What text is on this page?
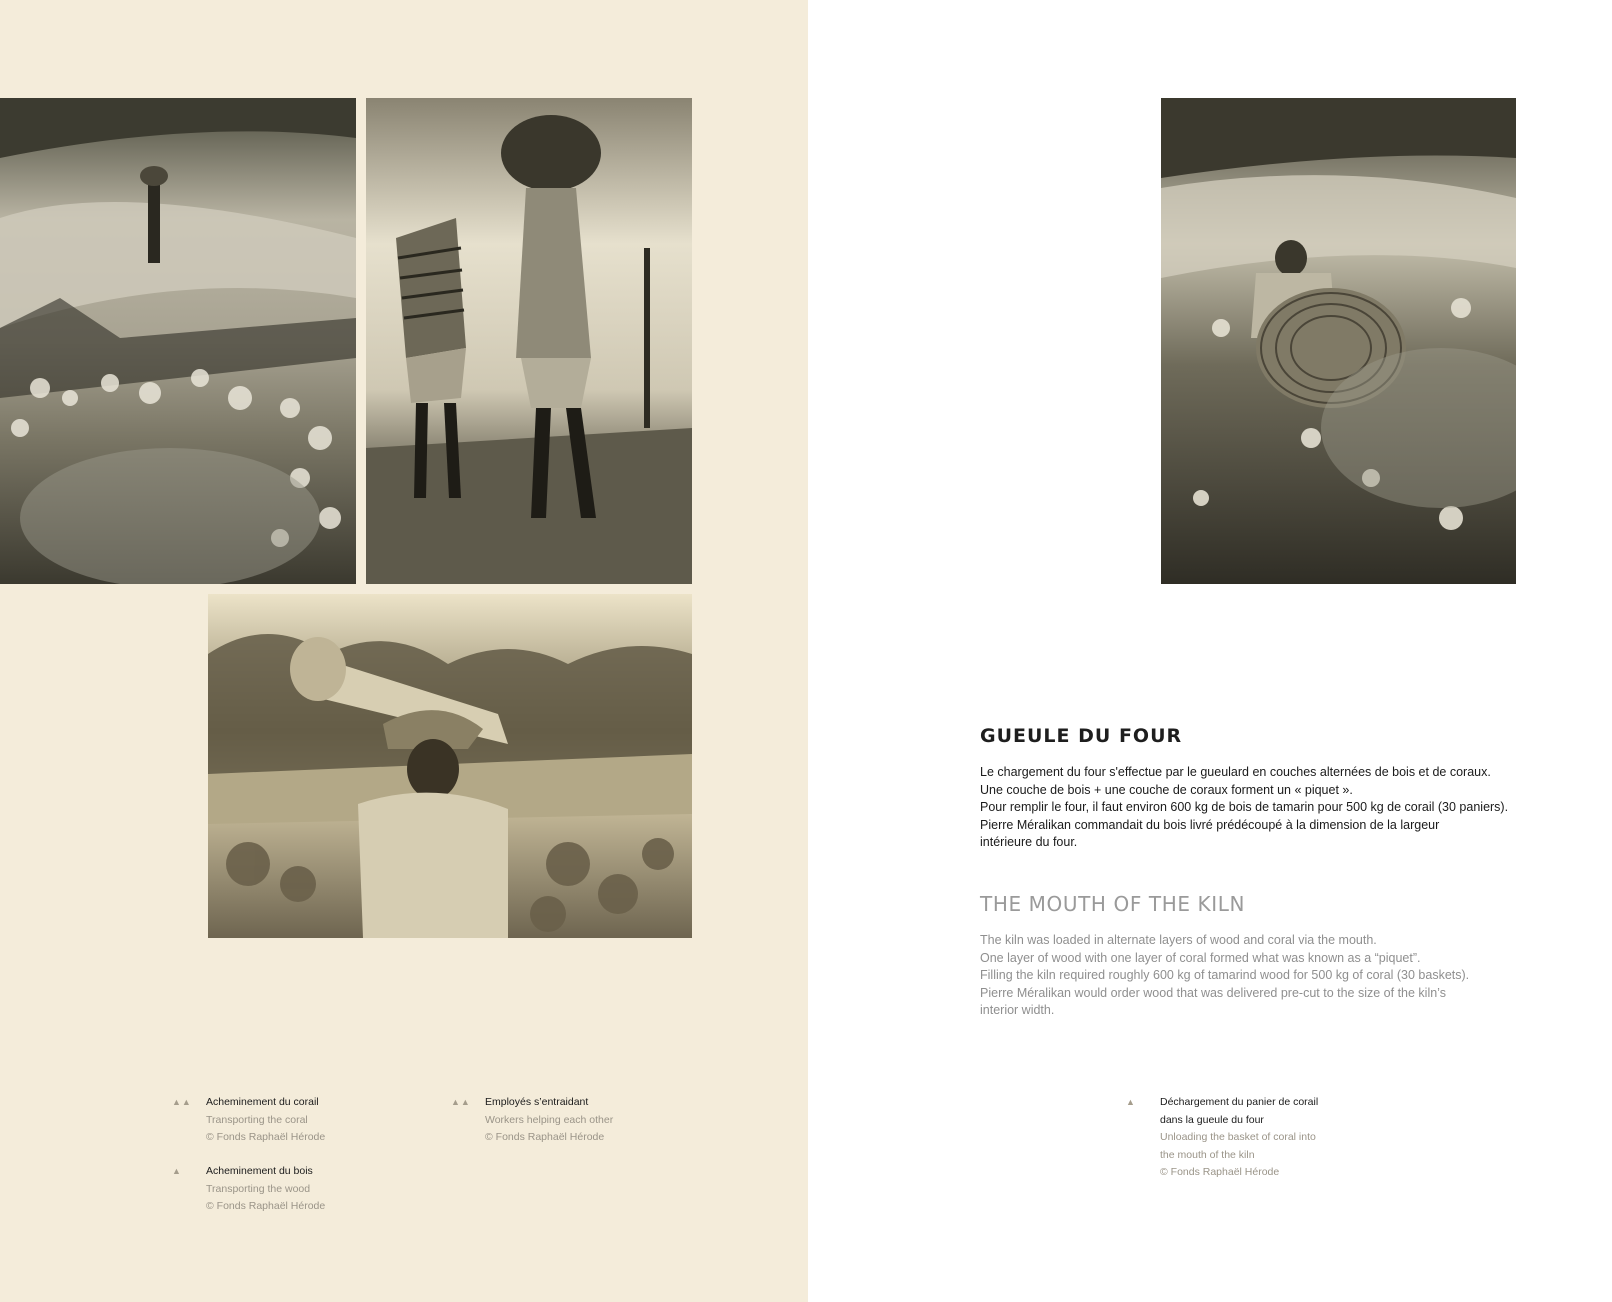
GUEULE DU FOUR

Le chargement du four s'effectue par le gueulard en couches alternées de bois et de coraux.
Une couche de bois + une couche de coraux forment un « piquet ».
Pour remplir le four, il faut environ 600 kg de bois de tamarin pour 500 kg de corail (30 paniers).
Pierre Méralikan commandait du bois livré prédécoupé à la dimension de la largeur intérieure du four.

THE MOUTH OF THE KILN

The kiln was loaded in alternate layers of wood and coral via the mouth.
One layer of wood with one layer of coral formed what was known as a “piquet”.
Filling the kiln required roughly 600 kg of tamarind wood for 500 kg of coral (30 baskets).
Pierre Méralikan would order wood that was delivered pre-cut to the size of the kiln’s interior width.

▲▲ Acheminement du corail
Transporting the coral
© Fonds Raphaël Hérode
▲▲ Employés s’entraidant
Workers helping each other
© Fonds Raphaël Hérode
▲ Acheminement du bois
Transporting the wood
© Fonds Raphaël Hérode
▲ Déchargement du panier de corail
dans la gueule du four
Unloading the basket of coral into
the mouth of the kiln
© Fonds Raphaël Hérode
